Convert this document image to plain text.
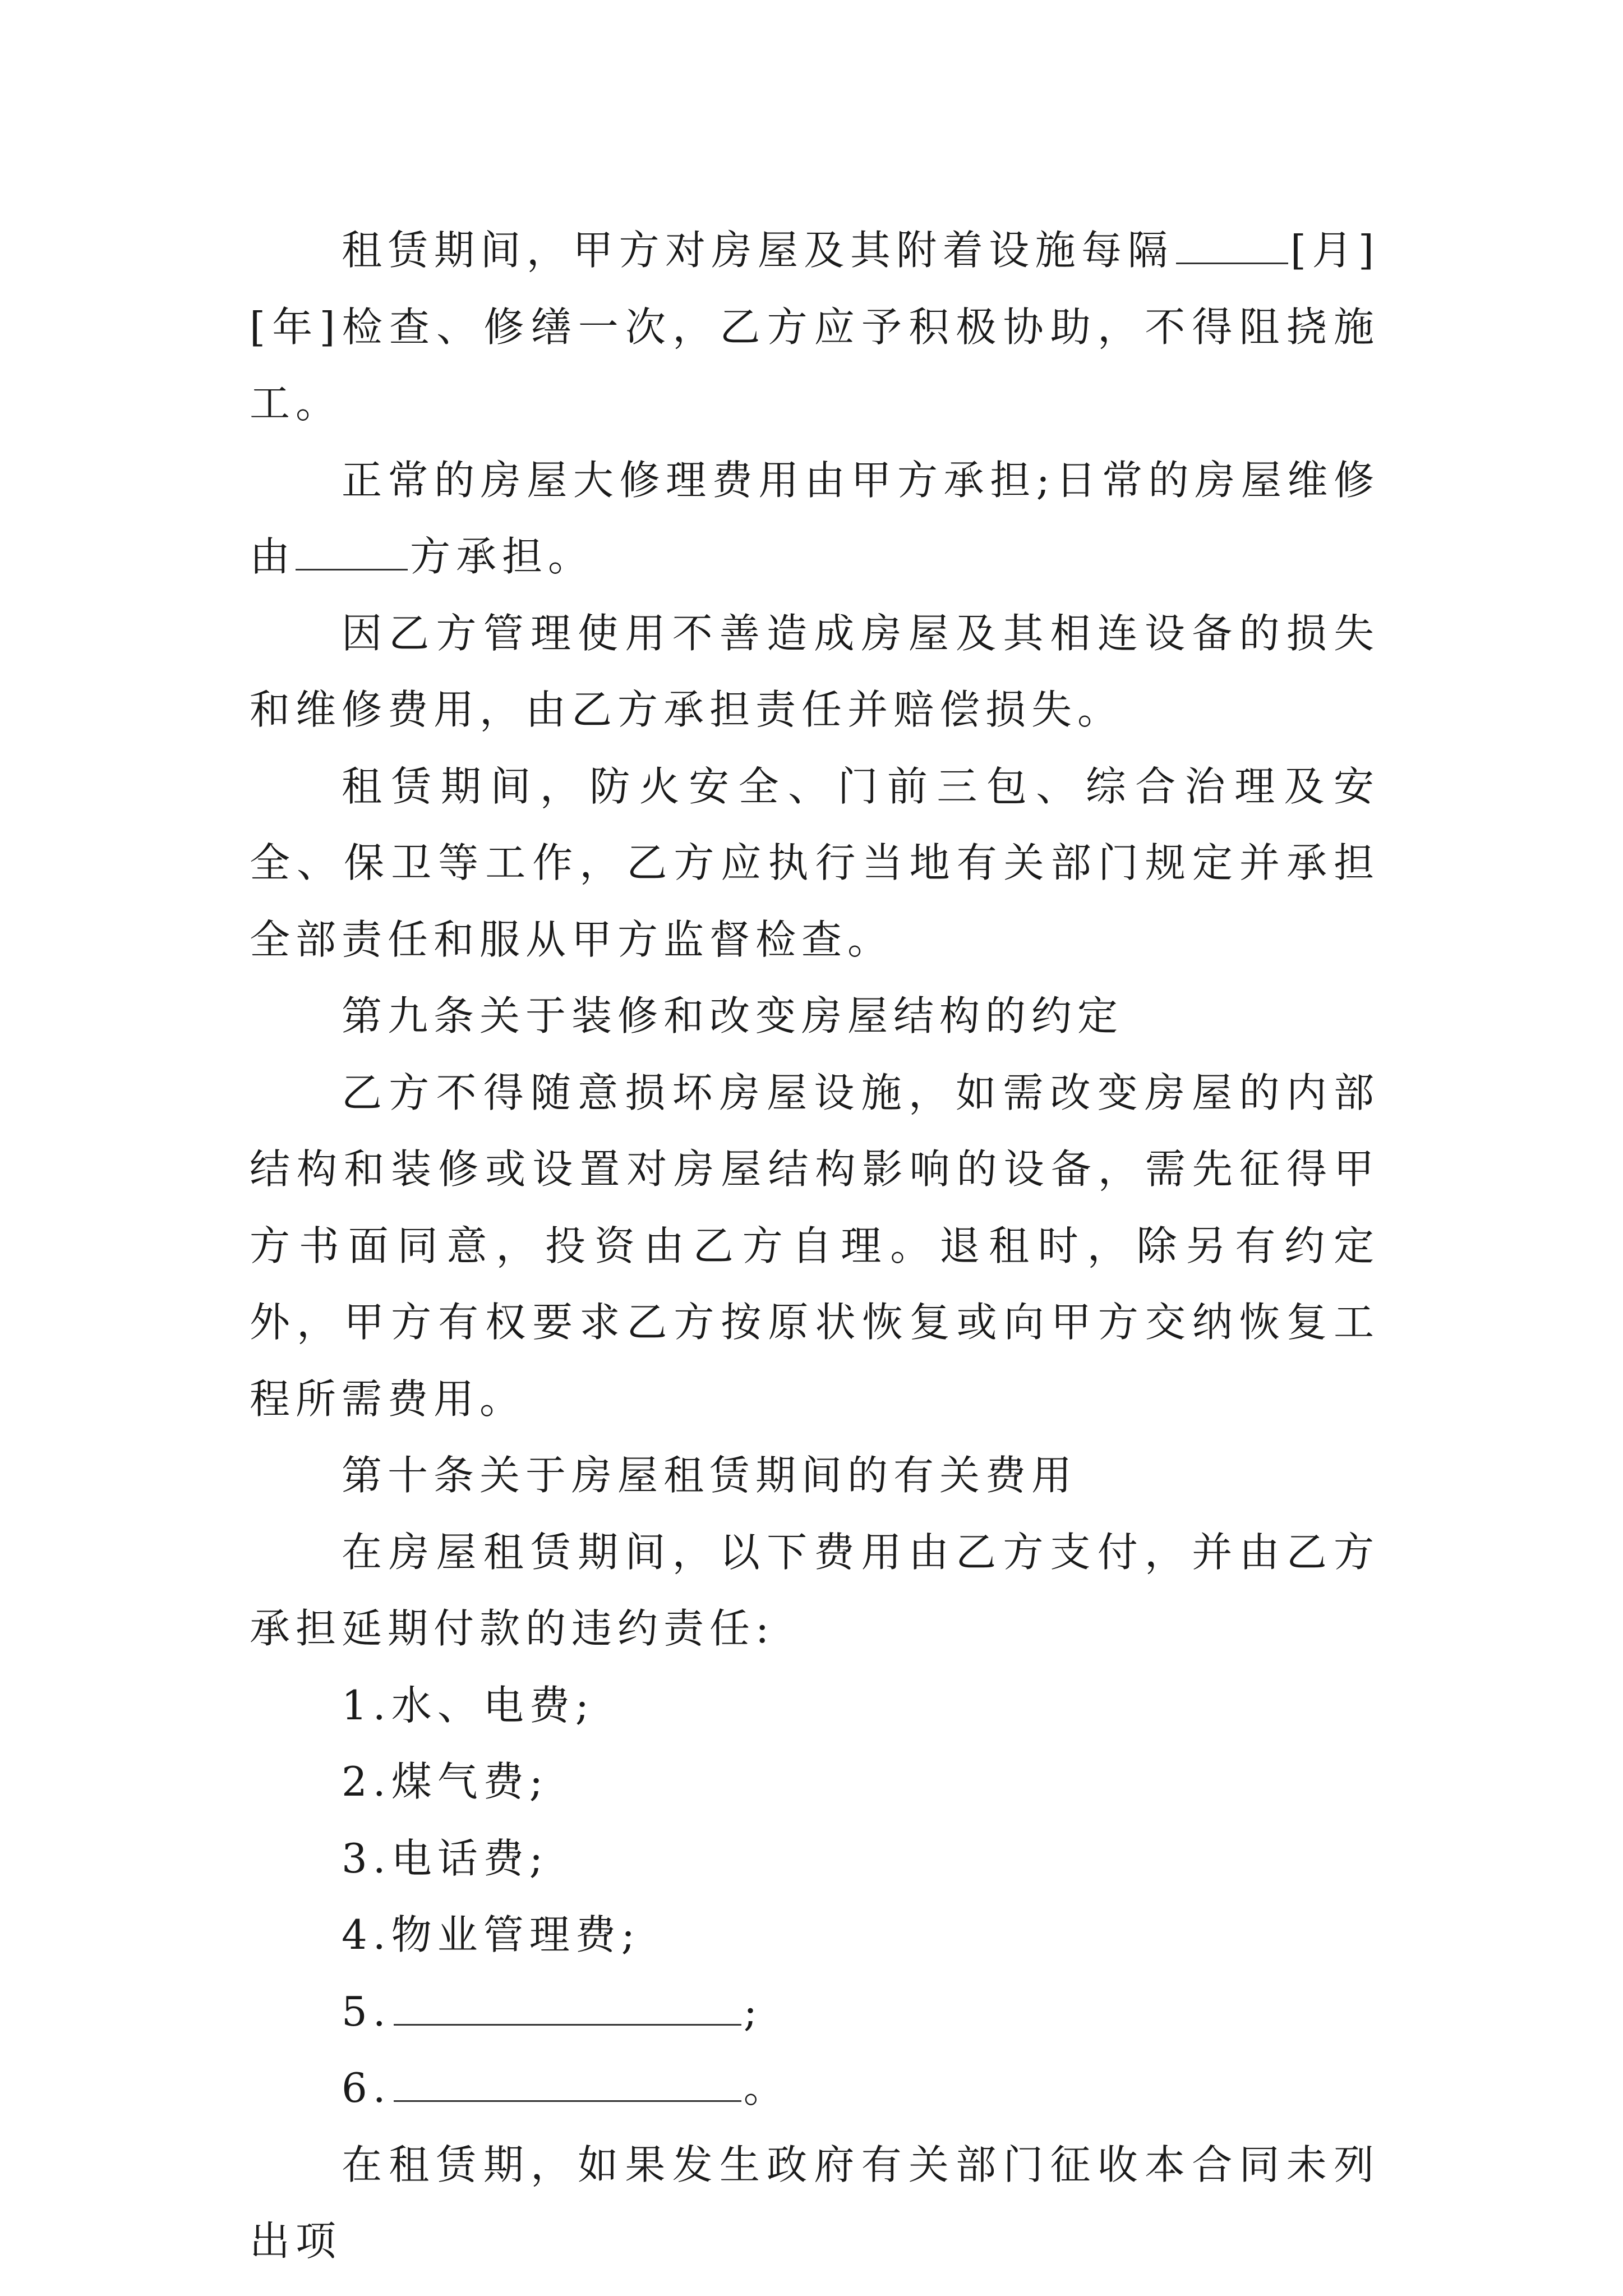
租赁期间，甲方对房屋及其附着设施每隔	[月][年]检查、修缮一次，乙方应予积极协助，不得阻挠施工。

正常的房屋大修理费用由甲方承担;日常的房屋维修由	方承担。

因乙方管理使用不善造成房屋及其相连设备的损失和维修费用，由乙方承担责任并赔偿损失。

租赁期间，防火安全、门前三包、综合治理及安全、保卫等工作，乙方应执行当地有关部门规定并承担全部责任和服从甲方监督检查。

第九条关于装修和改变房屋结构的约定

乙方不得随意损坏房屋设施，如需改变房屋的内部结构和装修或设置对房屋结构影响的设备，需先征得甲方书面同意，投资由乙方自理。退租时，除另有约定外，甲方有权要求乙方按原状恢复或向甲方交纳恢复工程所需费用。

第十条关于房屋租赁期间的有关费用

在房屋租赁期间，以下费用由乙方支付，并由乙方承担延期付款的违约责任:

1.水、电费;

2.煤气费;

3.电话费;

4.物业管理费;

5.	;

6.	。

在租赁期，如果发生政府有关部门征收本合同未列出项
